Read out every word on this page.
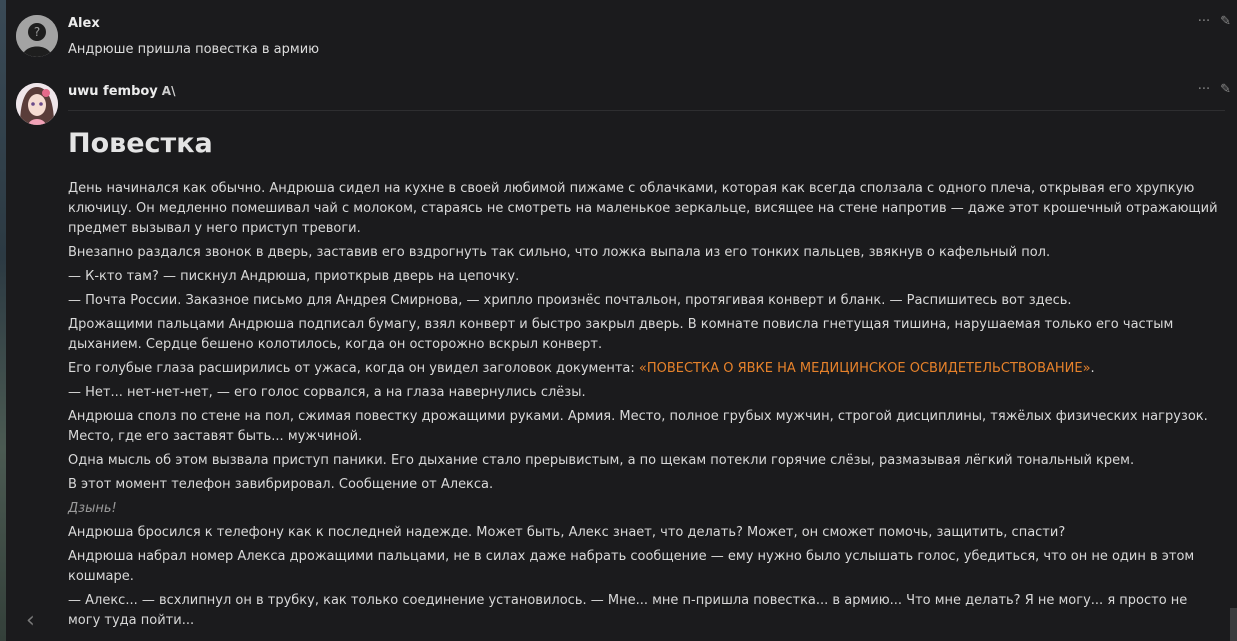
?
Alex	··· ✎
Андрюше пришла повестка в армию
uwu femboy A\	··· ✎
Повестка

День начинался как обычно. Андрюша сидел на кухне в своей любимой пижаме с облачками, которая как всегда сползала с одного плеча, открывая его хрупкую ключицу. Он медленно помешивал чай с молоком, стараясь не смотреть на маленькое зеркальце, висящее на стене напротив — даже этот крошечный отражающий предмет вызывал у него приступ тревоги.

Внезапно раздался звонок в дверь, заставив его вздрогнуть так сильно, что ложка выпала из его тонких пальцев, звякнув о кафельный пол.

— К-кто там? — пискнул Андрюша, приоткрыв дверь на цепочку.

— Почта России. Заказное письмо для Андрея Смирнова, — хрипло произнёс почтальон, протягивая конверт и бланк. — Распишитесь вот здесь.

Дрожащими пальцами Андрюша подписал бумагу, взял конверт и быстро закрыл дверь. В комнате повисла гнетущая тишина, нарушаемая только его частым дыханием. Сердце бешено колотилось, когда он осторожно вскрыл конверт.

Его голубые глаза расширились от ужаса, когда он увидел заголовок документа: «ПОВЕСТКА О ЯВКЕ НА МЕДИЦИНСКОЕ ОСВИДЕТЕЛЬСТВОВАНИЕ».

— Нет... нет-нет-нет, — его голос сорвался, а на глаза навернулись слёзы.

Андрюша сполз по стене на пол, сжимая повестку дрожащими руками. Армия. Место, полное грубых мужчин, строгой дисциплины, тяжёлых физических нагрузок. Место, где его заставят быть... мужчиной.

Одна мысль об этом вызвала приступ паники. Его дыхание стало прерывистым, а по щекам потекли горячие слёзы, размазывая лёгкий тональный крем.

В этот момент телефон завибрировал. Сообщение от Алекса.

Дзынь!

Андрюша бросился к телефону как к последней надежде. Может быть, Алекс знает, что делать? Может, он сможет помочь, защитить, спасти?

Андрюша набрал номер Алекса дрожащими пальцами, не в силах даже набрать сообщение — ему нужно было услышать голос, убедиться, что он не один в этом кошмаре.

— Алекс... — всхлипнул он в трубку, как только соединение установилось. — Мне... мне п-пришла повестка... в армию... Что мне делать? Я не могу... я просто не могу туда пойти...

‹
